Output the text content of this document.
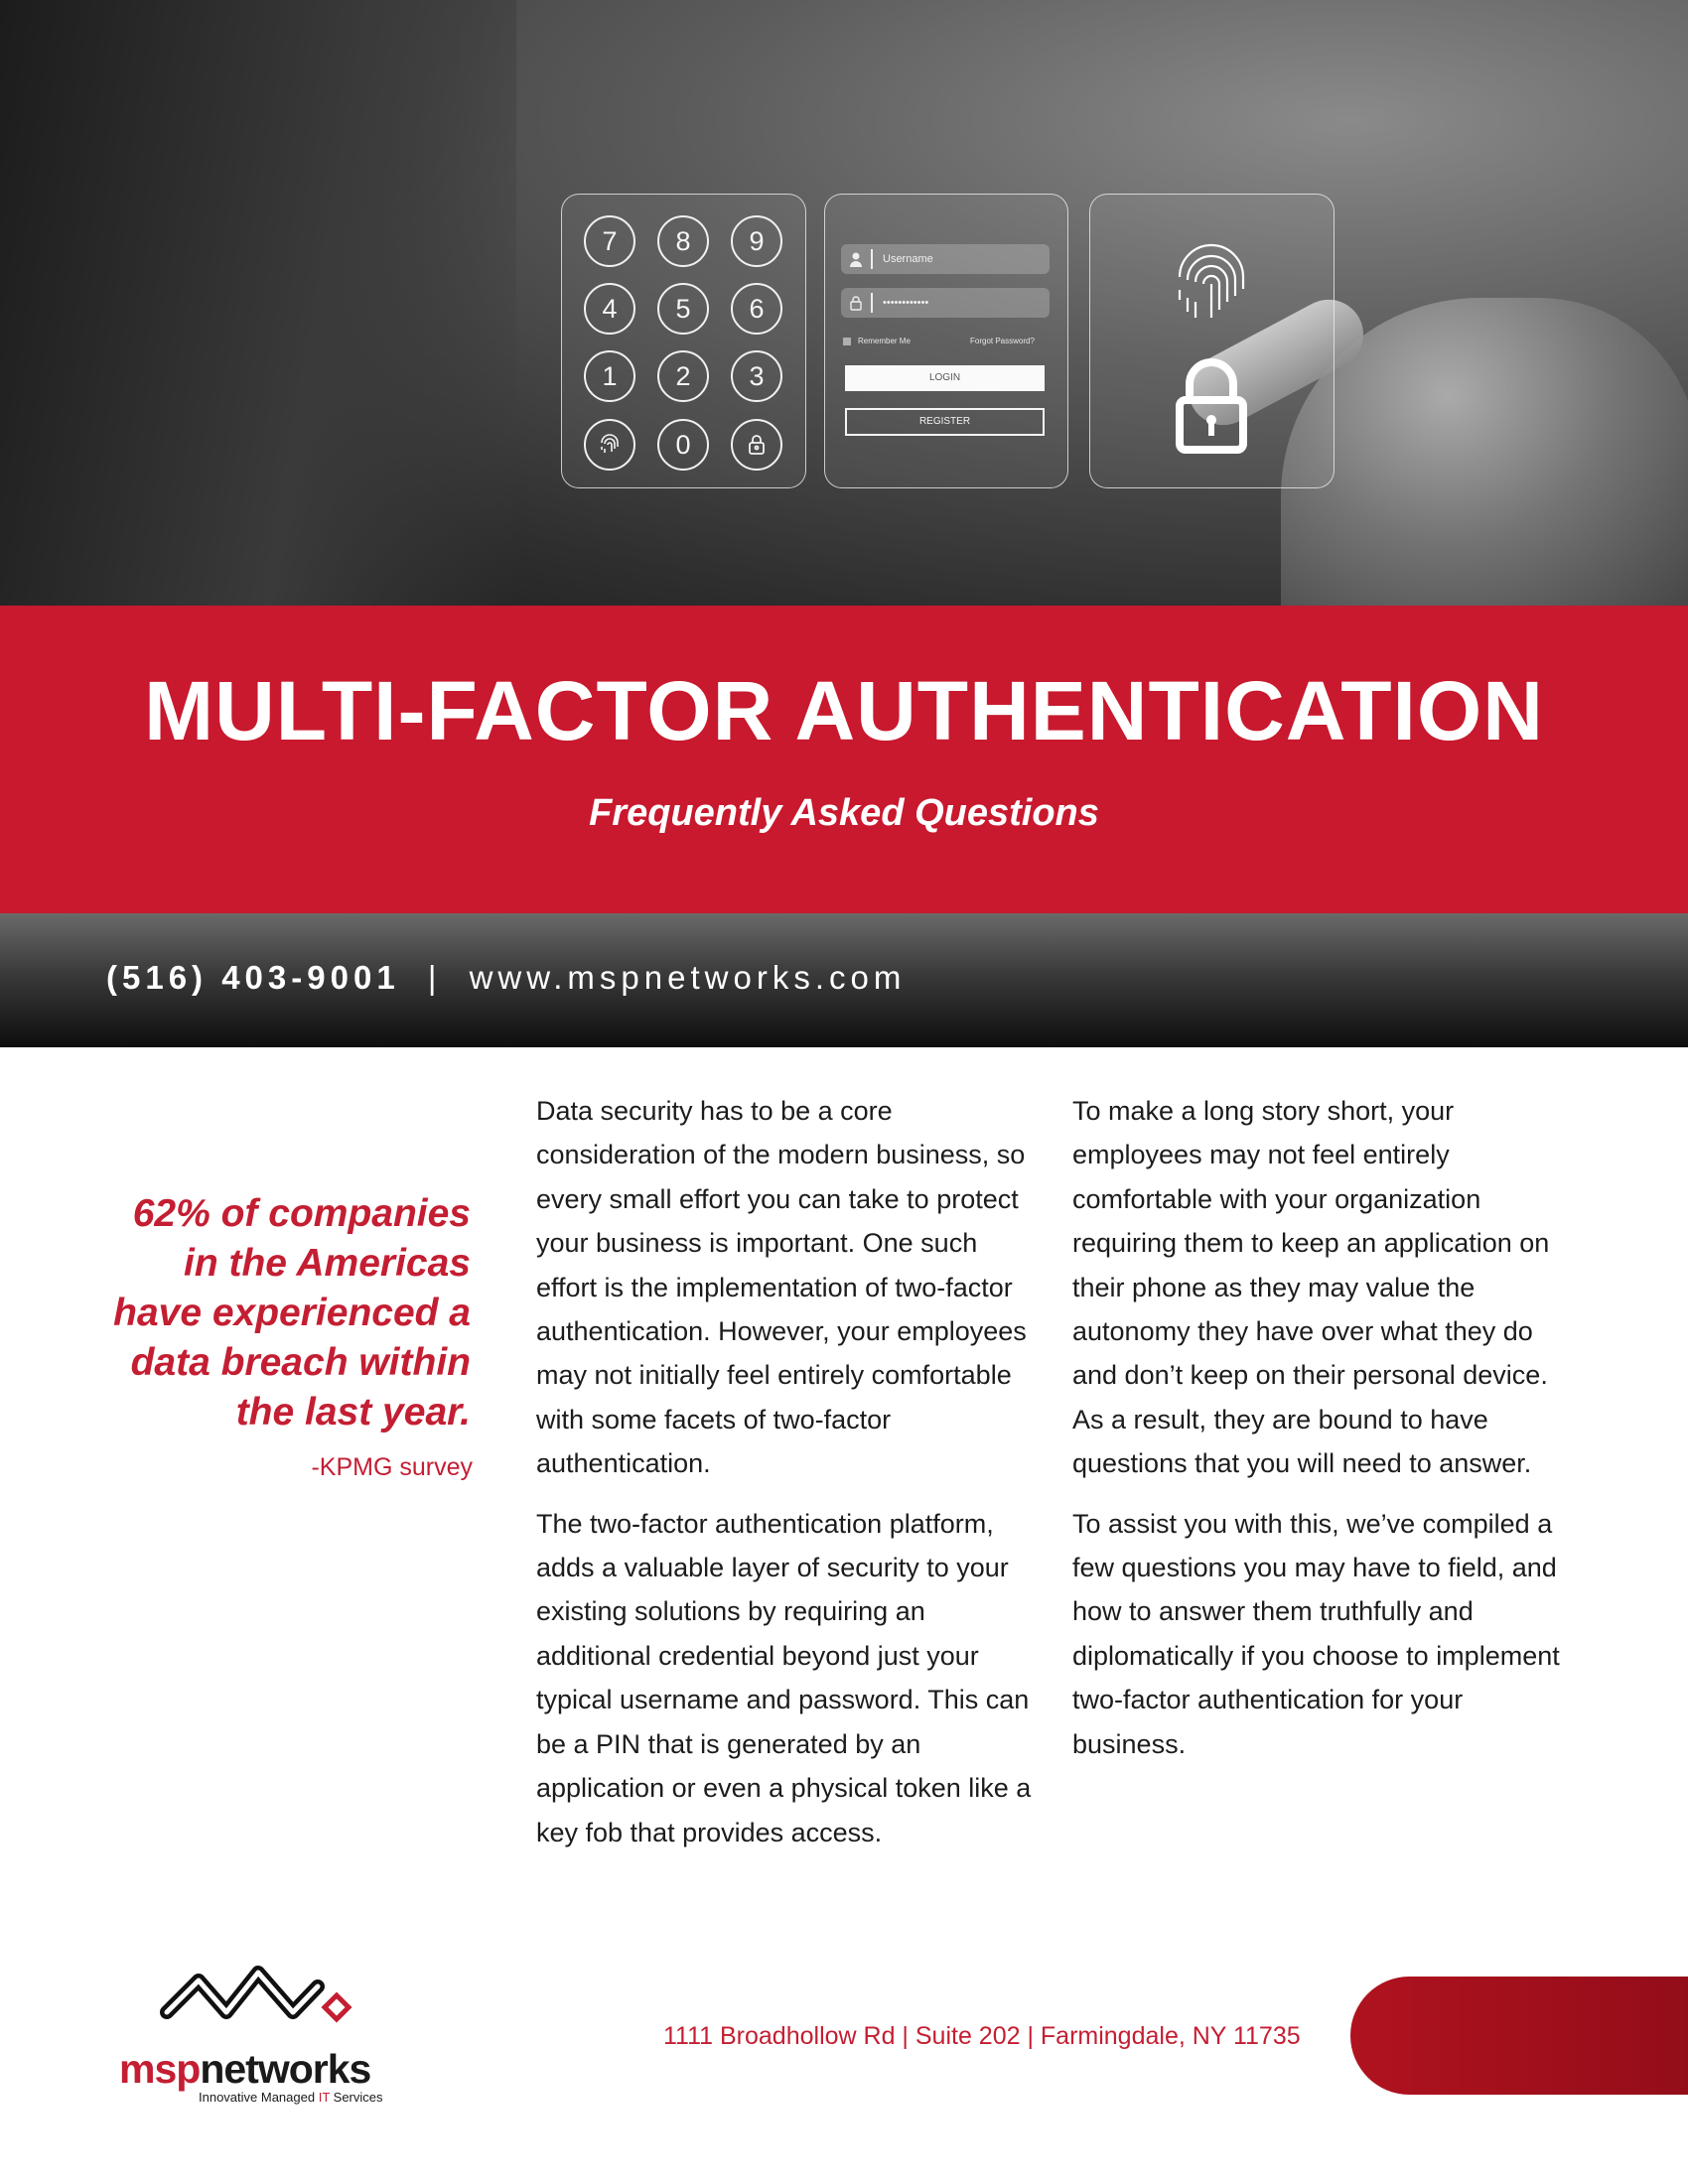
7	8	9
4	5	6
1	2	3
0
Username
••••••••••••
Remember Me	Forgot Password?
LOGIN
REGISTER
MULTI-FACTOR AUTHENTICATION
Frequently Asked Questions
(516) 403-9001 | www.mspnetworks.com
62% of companies in the Americas have experienced a data breach within the last year.
-KPMG survey

Data security has to be a core consideration of the modern business, so every small effort you can take to protect your business is important. One such effort is the implementation of two-factor authentication. However, your employees may not initially feel entirely comfortable with some facets of two-factor authentication.

The two-factor authentication platform, adds a valuable layer of security to your existing solutions by requiring an additional credential beyond just your typical username and password. This can be a PIN that is generated by an application or even a physical token like a key fob that provides access.

To make a long story short, your employees may not feel entirely comfortable with your organization requiring them to keep an application on their phone as they may value the autonomy they have over what they do and don’t keep on their personal device. As a result, they are bound to have questions that you will need to answer.

To assist you with this, we’ve compiled a few questions you may have to field, and how to answer them truthfully and diplomatically if you choose to implement two-factor authentication for your business.

mspnetworks
Innovative Managed IT Services
1111 Broadhollow Rd | Suite 202 | Farmingdale, NY 11735
